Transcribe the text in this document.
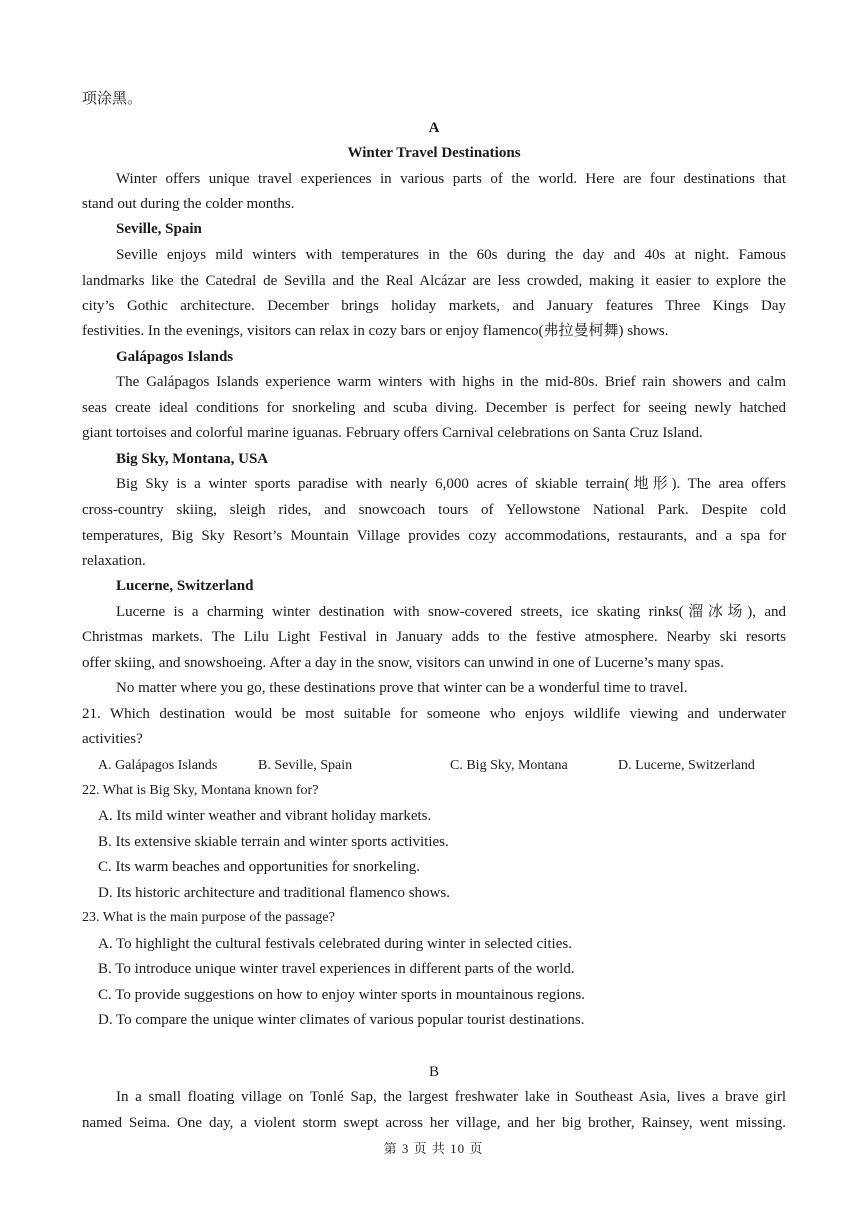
项涂黑。
A
Winter Travel Destinations
Winter offers unique travel experiences in various parts of the world. Here are four destinations that
stand out during the colder months.
Seville, Spain
Seville enjoys mild winters with temperatures in the 60s during the day and 40s at night. Famous
landmarks like the Catedral de Sevilla and the Real Alcázar are less crowded, making it easier to explore the
city’s Gothic architecture. December brings holiday markets, and January features Three Kings Day
festivities. In the evenings, visitors can relax in cozy bars or enjoy flamenco(弗拉曼柯舞) shows.
Galápagos Islands
The Galápagos Islands experience warm winters with highs in the mid-80s. Brief rain showers and calm
seas create ideal conditions for snorkeling and scuba diving. December is perfect for seeing newly hatched
giant tortoises and colorful marine iguanas. February offers Carnival celebrations on Santa Cruz Island.
Big Sky, Montana, USA
Big Sky is a winter sports paradise with nearly 6,000 acres of skiable terrain(地形). The area offers
cross-country skiing, sleigh rides, and snowcoach tours of Yellowstone National Park. Despite cold
temperatures, Big Sky Resort’s Mountain Village provides cozy accommodations, restaurants, and a spa for
relaxation.
Lucerne, Switzerland
Lucerne is a charming winter destination with snow-covered streets, ice skating rinks(溜冰场), and
Christmas markets. The Lilu Light Festival in January adds to the festive atmosphere. Nearby ski resorts
offer skiing, and snowshoeing. After a day in the snow, visitors can unwind in one of Lucerne’s many spas.
No matter where you go, these destinations prove that winter can be a wonderful time to travel.
21. Which destination would be most suitable for someone who enjoys wildlife viewing and underwater
activities?
A. Galápagos Islands	B. Seville, Spain	C. Big Sky, Montana	D. Lucerne, Switzerland
22. What is Big Sky, Montana known for?
A. Its mild winter weather and vibrant holiday markets.
B. Its extensive skiable terrain and winter sports activities.
C. Its warm beaches and opportunities for snorkeling.
D. Its historic architecture and traditional flamenco shows.
23. What is the main purpose of the passage?
A. To highlight the cultural festivals celebrated during winter in selected cities.
B. To introduce unique winter travel experiences in different parts of the world.
C. To provide suggestions on how to enjoy winter sports in mountainous regions.
D. To compare the unique winter climates of various popular tourist destinations.
B
In a small floating village on Tonlé Sap, the largest freshwater lake in Southeast Asia, lives a brave girl
named Seima. One day, a violent storm swept across her village, and her big brother, Rainsey, went missing.
第 3 页 共 10 页
